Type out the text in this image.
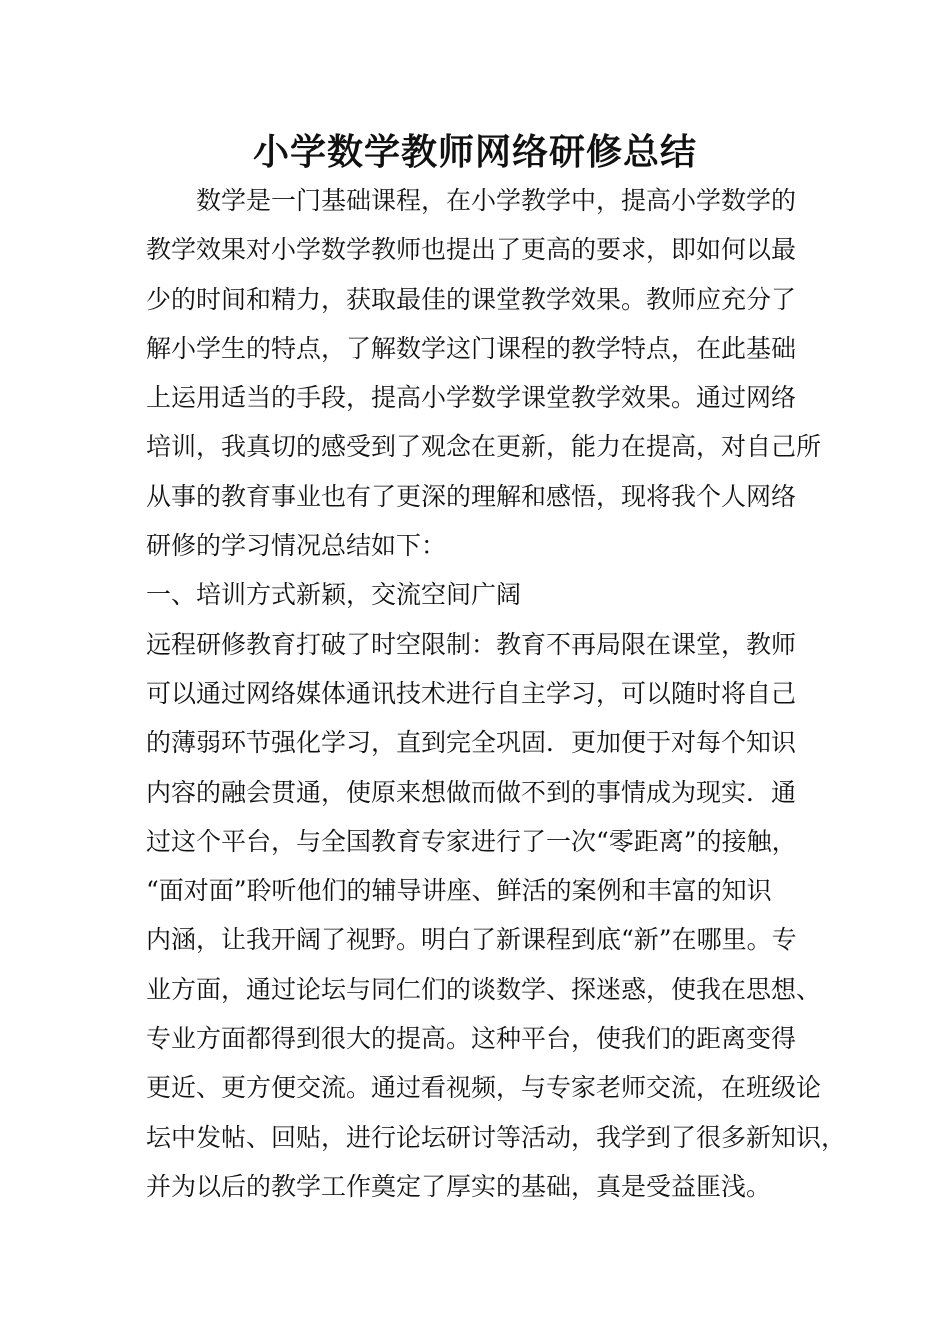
小学数学教师网络研修总结
数学是一门基础课程，在小学教学中，提高小学数学的
教学效果对小学数学教师也提出了更高的要求，即如何以最
少的时间和精力，获取最佳的课堂教学效果。教师应充分了
解小学生的特点，了解数学这门课程的教学特点，在此基础
上运用适当的手段，提高小学数学课堂教学效果。通过网络
培训，我真切的感受到了观念在更新，能力在提高，对自己所
从事的教育事业也有了更深的理解和感悟，现将我个人网络
研修的学习情况总结如下：
一、培训方式新颖，交流空间广阔
远程研修教育打破了时空限制：教育不再局限在课堂，教师
可以通过网络媒体通讯技术进行自主学习，可以随时将自己
的薄弱环节强化学习，直到完全巩固．更加便于对每个知识
内容的融会贯通，使原来想做而做不到的事情成为现实．通
过这个平台，与全国教育专家进行了一次“零距离”的接触，
“面对面”聆听他们的辅导讲座、鲜活的案例和丰富的知识
内涵，让我开阔了视野。明白了新课程到底“新”在哪里。专
业方面，通过论坛与同仁们的谈数学、探迷惑，使我在思想、
专业方面都得到很大的提高。这种平台，使我们的距离变得
更近、更方便交流。通过看视频，与专家老师交流，在班级论
坛中发帖、回贴，进行论坛研讨等活动，我学到了很多新知识，
并为以后的教学工作奠定了厚实的基础，真是受益匪浅。
